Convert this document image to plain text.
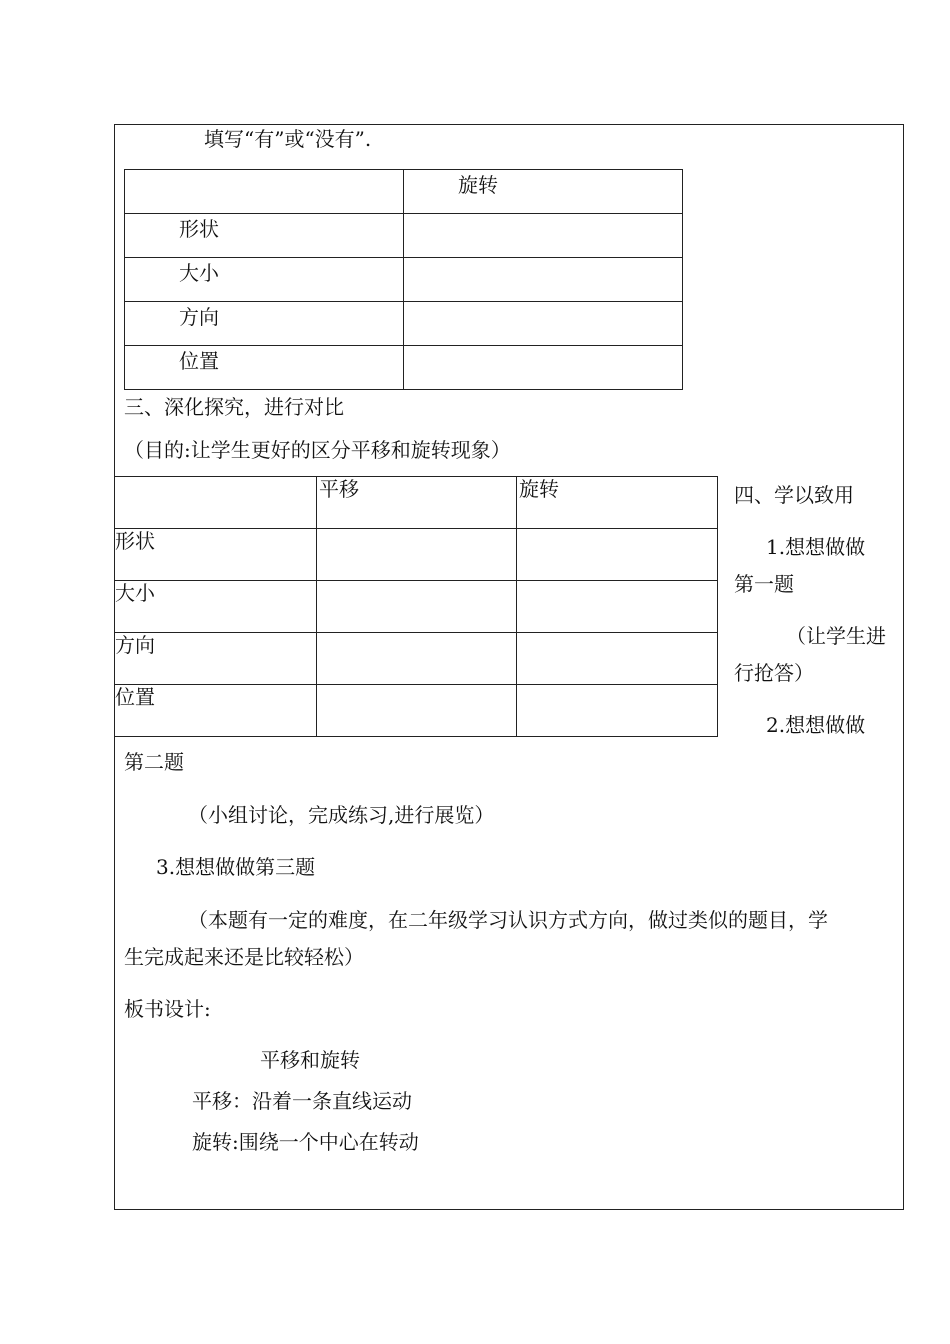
填写“有”或“没有”.
	旋转
形状	
大小	
方向	
位置	
三、深化探究，进行对比
（目的:让学生更好的区分平移和旋转现象）
	平移	旋转
形状		
大小		
方向		
位置		
四、学以致用
1.想想做做
第一题
（让学生进
行抢答）
2.想想做做
第二题
（小组讨论，完成练习,进行展览）
3.想想做做第三题
（本题有一定的难度，在二年级学习认识方式方向，做过类似的题目，学
生完成起来还是比较轻松）
板书设计:
平移和旋转
平移：沿着一条直线运动
旋转:围绕一个中心在转动
